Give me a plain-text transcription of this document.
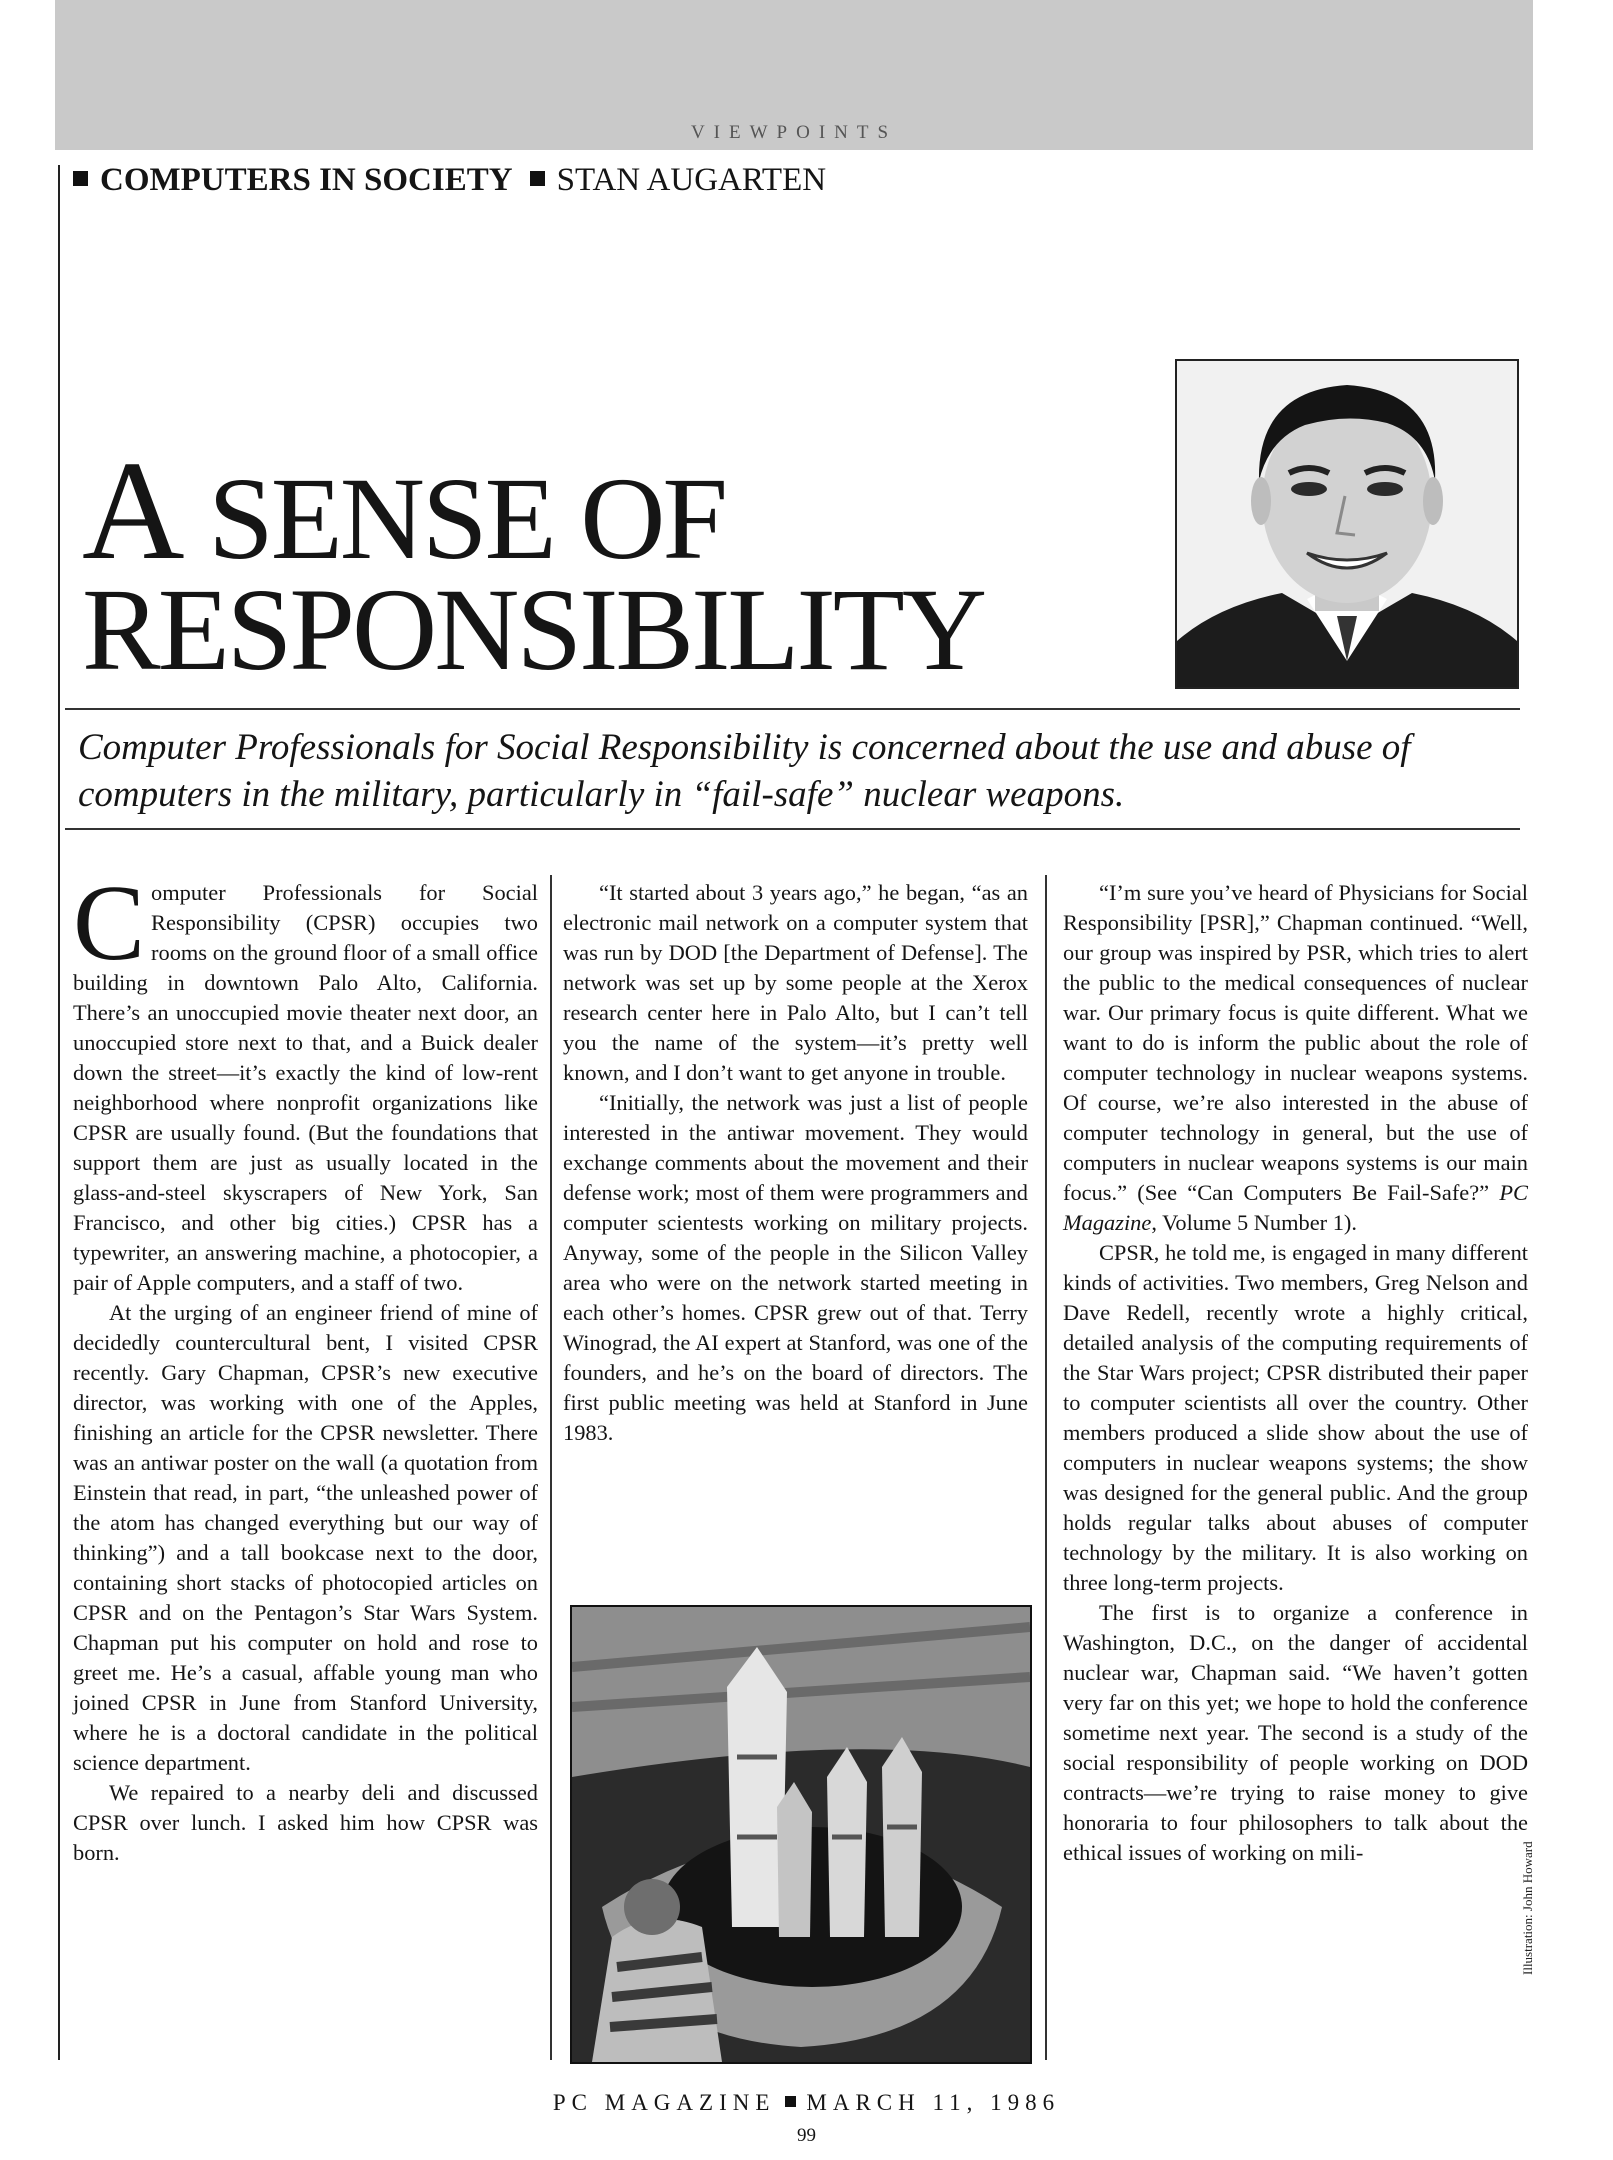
VIEWPOINTS
COMPUTERS IN SOCIETY STAN AUGARTEN
A SENSE OF
RESPONSIBILITY

Computer Professionals for Social Responsibility is concerned about the use and abuse of computers in the military, particularly in “fail-safe” nuclear weapons.

Computer Professionals for Social Responsibility (CPSR) occupies two rooms on the ground floor of a small office building in downtown Palo Alto, California. There’s an unoccupied movie theater next door, an unoccupied store next to that, and a Buick dealer down the street—it’s exactly the kind of low-rent neighborhood where nonprofit organizations like CPSR are usually found. (But the foundations that support them are just as usually located in the glass-and-steel skyscrapers of New York, San Francisco, and other big cities.) CPSR has a typewriter, an answering machine, a photocopier, a pair of Apple computers, and a staff of two.

At the urging of an engineer friend of mine of decidedly countercultural bent, I visited CPSR recently. Gary Chapman, CPSR’s new executive director, was working with one of the Apples, finishing an article for the CPSR newsletter. There was an antiwar poster on the wall (a quotation from Einstein that read, in part, “the unleashed power of the atom has changed everything but our way of thinking”) and a tall bookcase next to the door, containing short stacks of photocopied articles on CPSR and on the Pentagon’s Star Wars System. Chapman put his computer on hold and rose to greet me. He’s a casual, affable young man who joined CPSR in June from Stanford University, where he is a doctoral candidate in the political science department.

We repaired to a nearby deli and discussed CPSR over lunch. I asked him how CPSR was born.

“It started about 3 years ago,” he began, “as an electronic mail network on a computer system that was run by DOD [the Department of Defense]. The network was set up by some people at the Xerox research center here in Palo Alto, but I can’t tell you the name of the system—it’s pretty well known, and I don’t want to get anyone in trouble.

“Initially, the network was just a list of people interested in the antiwar movement. They would exchange comments about the movement and their defense work; most of them were programmers and computer scientests working on military projects. Anyway, some of the people in the Silicon Valley area who were on the network started meeting in each other’s homes. CPSR grew out of that. Terry Winograd, the AI expert at Stanford, was one of the founders, and he’s on the board of directors. The first public meeting was held at Stanford in June 1983.

“I’m sure you’ve heard of Physicians for Social Responsibility [PSR],” Chapman continued. “Well, our group was inspired by PSR, which tries to alert the public to the medical consequences of nuclear war. Our primary focus is quite different. What we want to do is inform the public about the role of computer technology in nuclear weapons systems. Of course, we’re also interested in the abuse of computer technology in general, but the use of computers in nuclear weapons systems is our main focus.” (See “Can Computers Be Fail-Safe?” PC Magazine, Volume 5 Number 1).

CPSR, he told me, is engaged in many different kinds of activities. Two members, Greg Nelson and Dave Redell, recently wrote a highly critical, detailed analysis of the computing requirements of the Star Wars project; CPSR distributed their paper to computer scientists all over the country. Other members produced a slide show about the use of computers in nuclear weapons systems; the show was designed for the general public. And the group holds regular talks about abuses of computer technology by the military. It is also working on three long-term projects.

The first is to organize a conference in Washington, D.C., on the danger of accidental nuclear war, Chapman said. “We haven’t gotten very far on this yet; we hope to hold the conference sometime next year. The second is a study of the social responsibility of people working on DOD contracts—we’re trying to raise money to give honoraria to four philosophers to talk about the ethical issues of working on mili-	Illustration: John Howard
PC MAGAZINE MARCH 11, 1986
99
